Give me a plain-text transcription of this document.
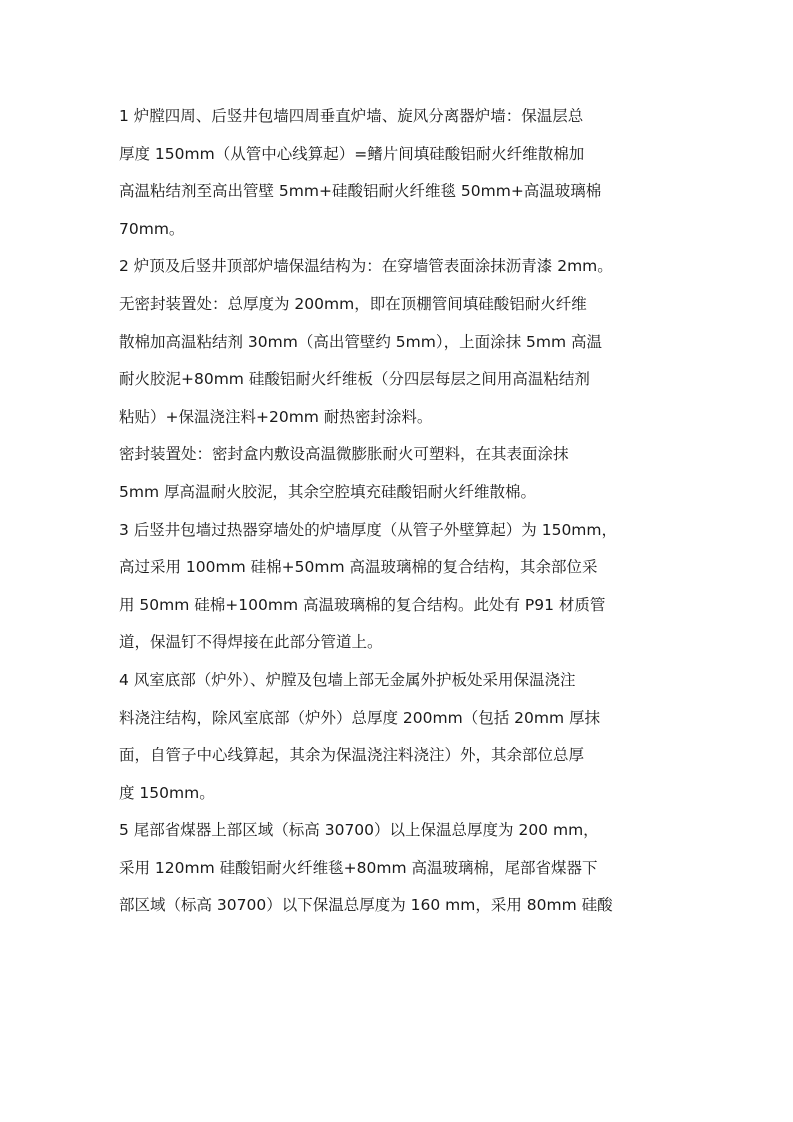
1 炉膛四周、后竖井包墙四周垂直炉墙、旋风分离器炉墙：保温层总
厚度 150mm（从管中心线算起）=鳍片间填硅酸铝耐火纤维散棉加
高温粘结剂至高出管壁 5mm+硅酸铝耐火纤维毯 50mm+高温玻璃棉
70mm。
2 炉顶及后竖井顶部炉墙保温结构为：在穿墙管表面涂抹沥青漆 2mm。
无密封装置处：总厚度为 200mm，即在顶棚管间填硅酸铝耐火纤维
散棉加高温粘结剂 30mm（高出管壁约 5mm），上面涂抹 5mm 高温
耐火胶泥+80mm 硅酸铝耐火纤维板（分四层每层之间用高温粘结剂
粘贴）+保温浇注料+20mm 耐热密封涂料。
密封装置处：密封盒内敷设高温微膨胀耐火可塑料，在其表面涂抹
5mm 厚高温耐火胶泥，其余空腔填充硅酸铝耐火纤维散棉。
3 后竖井包墙过热器穿墙处的炉墙厚度（从管子外壁算起）为 150mm，
高过采用 100mm 硅棉+50mm 高温玻璃棉的复合结构，其余部位采
用 50mm 硅棉+100mm 高温玻璃棉的复合结构。此处有 P91 材质管
道，保温钉不得焊接在此部分管道上。
4 风室底部（炉外）、炉膛及包墙上部无金属外护板处采用保温浇注
料浇注结构，除风室底部（炉外）总厚度 200mm（包括 20mm 厚抹
面，自管子中心线算起，其余为保温浇注料浇注）外，其余部位总厚
度 150mm。
5 尾部省煤器上部区域（标高 30700）以上保温总厚度为 200 mm，
采用 120mm 硅酸铝耐火纤维毯+80mm 高温玻璃棉，尾部省煤器下
部区域（标高 30700）以下保温总厚度为 160 mm，采用 80mm 硅酸
